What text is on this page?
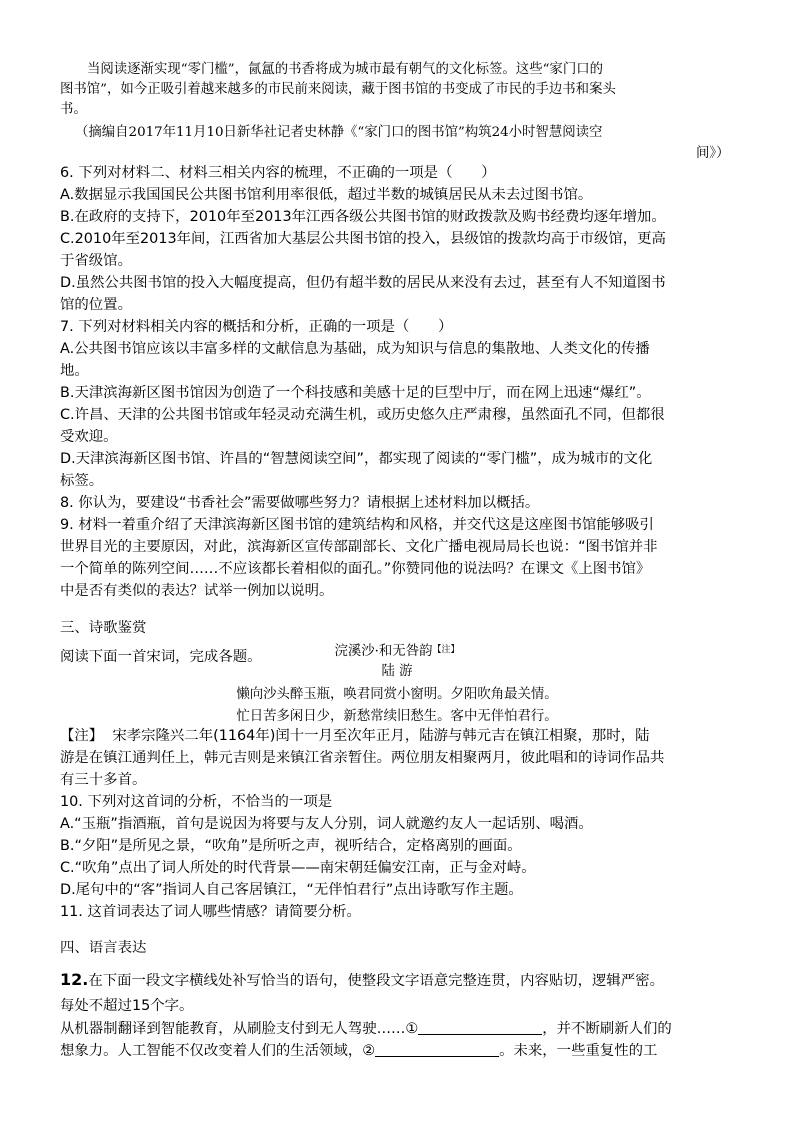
当阅读逐渐实现“零门槛”，氤氲的书香将成为城市最有朝气的文化标签。这些“家门口的
图书馆”，如今正吸引着越来越多的市民前来阅读，藏于图书馆的书变成了市民的手边书和案头
书。
（摘编自2017年11月10日新华社记者史林静《“家门口的图书馆”构筑24小时智慧阅读空
间》）
6. 下列对材料二、材料三相关内容的梳理，不正确的一项是（　　）
A.数据显示我国国民公共图书馆利用率很低，超过半数的城镇居民从未去过图书馆。
B.在政府的支持下，2010年至2013年江西各级公共图书馆的财政拨款及购书经费均逐年增加。
C.2010年至2013年间，江西省加大基层公共图书馆的投入，县级馆的拨款均高于市级馆，更高
于省级馆。
D.虽然公共图书馆的投入大幅度提高，但仍有超半数的居民从来没有去过，甚至有人不知道图书
馆的位置。
7. 下列对材料相关内容的概括和分析，正确的一项是（　　）
A.公共图书馆应该以丰富多样的文献信息为基础，成为知识与信息的集散地、人类文化的传播
地。
B.天津滨海新区图书馆因为创造了一个科技感和美感十足的巨型中厅，而在网上迅速“爆红”。
C.许昌、天津的公共图书馆或年轻灵动充满生机，或历史悠久庄严肃穆，虽然面孔不同，但都很
受欢迎。
D.天津滨海新区图书馆、许昌的“智慧阅读空间”，都实现了阅读的“零门槛”，成为城市的文化
标签。
8. 你认为，要建设“书香社会”需要做哪些努力？请根据上述材料加以概括。
9. 材料一着重介绍了天津滨海新区图书馆的建筑结构和风格，并交代这是这座图书馆能够吸引
世界目光的主要原因，对此，滨海新区宣传部副部长、文化广播电视局局长也说：“图书馆并非
一个简单的陈列空间……不应该都长着相似的面孔。”你赞同他的说法吗？在课文《上图书馆》
中是否有类似的表达？试举一例加以说明。
三、诗歌鉴赏
阅读下面一首宋词，完成各题。	浣溪沙·和无咎韵$^{【注】}$
陆 游
懒向沙头醉玉瓶，唤君同赏小窗明。夕阳吹角最关情。
忙日苦多闲日少，新愁常续旧愁生。客中无伴怕君行。
【注】 宋孝宗隆兴二年(1164年)闰十一月至次年正月，陆游与韩元吉在镇江相聚，那时，陆
游是在镇江通判任上，韩元吉则是来镇江省亲暂住。两位朋友相聚两月，彼此唱和的诗词作品共
有三十多首。
10. 下列对这首词的分析，不恰当的一项是
A.“玉瓶”指酒瓶，首句是说因为将要与友人分别，词人就邀约友人一起话别、喝酒。
B.“夕阳”是所见之景，“吹角”是所听之声，视听结合，定格离别的画面。
C.“吹角”点出了词人所处的时代背景——南宋朝廷偏安江南，正与金对峙。
D.尾句中的“客”指词人自己客居镇江，“无伴怕君行”点出诗歌写作主题。
11. 这首词表达了词人哪些情感？请简要分析。
四、语言表达
12.在下面一段文字横线处补写恰当的语句，使整段文字语意完整连贯，内容贴切，逻辑严密。
每处不超过15个字。
从机器制翻译到智能教育，从刷脸支付到无人驾驶……①	，并不断刷新人们的
想象力。人工智能不仅改变着人们的生活领域，②	。未来，一些重复性的工
